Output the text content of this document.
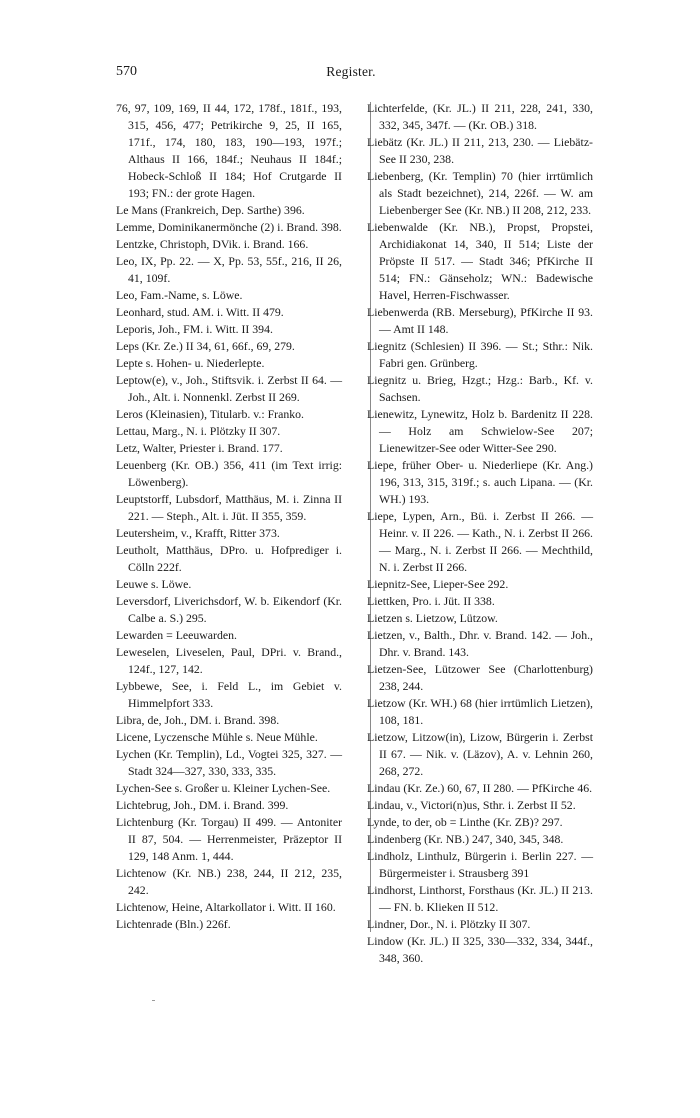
570	Register.

76, 97, 109, 169, II 44, 172, 178f., 181f., 193, 315, 456, 477; Petrikirche 9, 25, II 165, 171f., 174, 180, 183, 190—193, 197f.; Althaus II 166, 184f.; Neuhaus II 184f.; Hobeck-Schloß II 184; Hof Crutgarde II 193; FN.: der grote Hagen.

Le Mans (Frankreich, Dep. Sarthe) 396.

Lemme, Dominikanermönche (2) i. Brand. 398.

Lentzke, Christoph, DVik. i. Brand. 166.

Leo, IX, Pp. 22. — X, Pp. 53, 55f., 216, II 26, 41, 109f.

Leo, Fam.-Name, s. Löwe.

Leonhard, stud. AM. i. Witt. II 479.

Leporis, Joh., FM. i. Witt. II 394.

Leps (Kr. Ze.) II 34, 61, 66f., 69, 279.

Lepte s. Hohen- u. Niederlepte.

Leptow(e), v., Joh., Stiftsvik. i. Zerbst II 64. — Joh., Alt. i. Nonnenkl. Zerbst II 269.

Leros (Kleinasien), Titularb. v.: Franko.

Lettau, Marg., N. i. Plötzky II 307.

Letz, Walter, Priester i. Brand. 177.

Leuenberg (Kr. OB.) 356, 411 (im Text irrig: Löwenberg).

Leuptstorff, Lubsdorf, Matthäus, M. i. Zinna II 221. — Steph., Alt. i. Jüt. II 355, 359.

Leutersheim, v., Krafft, Ritter 373.

Leutholt, Matthäus, DPro. u. Hofprediger i. Cölln 222f.

Leuwe s. Löwe.

Leversdorf, Liverichsdorf, W. b. Eikendorf (Kr. Calbe a. S.) 295.

Lewarden = Leeuwarden.

Leweselen, Liveselen, Paul, DPri. v. Brand., 124f., 127, 142.

Lybbewe, See, i. Feld L., im Gebiet v. Himmelpfort 333.

Libra, de, Joh., DM. i. Brand. 398.

Licene, Lyczensche Mühle s. Neue Mühle.

Lychen (Kr. Templin), Ld., Vogtei 325, 327. — Stadt 324—327, 330, 333, 335.

Lychen-See s. Großer u. Kleiner Lychen-See.

Lichtebrug, Joh., DM. i. Brand. 399.

Lichtenburg (Kr. Torgau) II 499. — Antoniter II 87, 504. — Herrenmeister, Präzeptor II 129, 148 Anm. 1, 444.

Lichtenow (Kr. NB.) 238, 244, II 212, 235, 242.

Lichtenow, Heine, Altarkollator i. Witt. II 160.

Lichtenrade (Bln.) 226f.

Lichterfelde, (Kr. JL.) II 211, 228, 241, 330, 332, 345, 347f. — (Kr. OB.) 318.

Liebätz (Kr. JL.) II 211, 213, 230. — Liebätz-See II 230, 238.

Liebenberg, (Kr. Templin) 70 (hier irrtümlich als Stadt bezeichnet), 214, 226f. — W. am Liebenberger See (Kr. NB.) II 208, 212, 233.

Liebenwalde (Kr. NB.), Propst, Propstei, Archidiakonat 14, 340, II 514; Liste der Pröpste II 517. — Stadt 346; PfKirche II 514; FN.: Gänseholz; WN.: Badewische Havel, Herren-Fischwasser.

Liebenwerda (RB. Merseburg), PfKirche II 93. — Amt II 148.

Liegnitz (Schlesien) II 396. — St.; Sthr.: Nik. Fabri gen. Grünberg.

Liegnitz u. Brieg, Hzgt.; Hzg.: Barb., Kf. v. Sachsen.

Lienewitz, Lynewitz, Holz b. Bardenitz II 228. — Holz am Schwielow-See 207; Lienewitzer-See oder Witter-See 290.

Liepe, früher Ober- u. Niederliepe (Kr. Ang.) 196, 313, 315, 319f.; s. auch Lipana. — (Kr. WH.) 193.

Liepe, Lypen, Arn., Bü. i. Zerbst II 266. — Heinr. v. II 226. — Kath., N. i. Zerbst II 266. — Marg., N. i. Zerbst II 266. — Mechthild, N. i. Zerbst II 266.

Liepnitz-See, Lieper-See 292.

Liettken, Pro. i. Jüt. II 338.

Lietzen s. Lietzow, Lützow.

Lietzen, v., Balth., Dhr. v. Brand. 142. — Joh., Dhr. v. Brand. 143.

Lietzen-See, Lützower See (Charlottenburg) 238, 244.

Lietzow (Kr. WH.) 68 (hier irrtümlich Lietzen), 108, 181.

Lietzow, Litzow(in), Lizow, Bürgerin i. Zerbst II 67. — Nik. v. (Läzov), A. v. Lehnin 260, 268, 272.

Lindau (Kr. Ze.) 60, 67, II 280. — PfKirche 46.

Lindau, v., Victori(n)us, Sthr. i. Zerbst II 52.

Lynde, to der, ob = Linthe (Kr. ZB)? 297.

Lindenberg (Kr. NB.) 247, 340, 345, 348.

Lindholz, Linthulz, Bürgerin i. Berlin 227. — Bürgermeister i. Strausberg 391

Lindhorst, Linthorst, Forsthaus (Kr. JL.) II 213. — FN. b. Klieken II 512.

Lindner, Dor., N. i. Plötzky II 307.

Lindow (Kr. JL.) II 325, 330—332, 334, 344f., 348, 360.
